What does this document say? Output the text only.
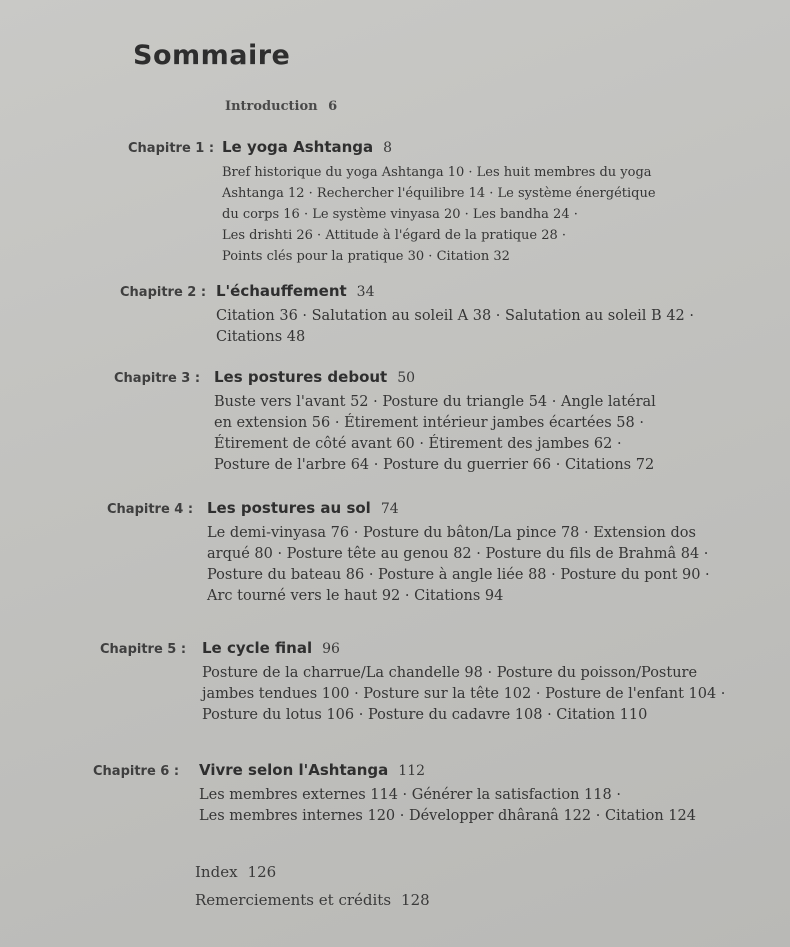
Sommaire
Introduction 6
Chapitre 1 : Le yoga Ashtanga 8
Bref historique du yoga Ashtanga 10 · Les huit membres du yoga
Ashtanga 12 · Rechercher l'équilibre 14 · Le système énergétique
du corps 16 · Le système vinyasa 20 · Les bandha 24 ·
Les drishti 26 · Attitude à l'égard de la pratique 28 ·
Points clés pour la pratique 30 · Citation 32
Chapitre 2 : L'échauffement 34
Citation 36 · Salutation au soleil A 38 · Salutation au soleil B 42 ·
Citations 48
Chapitre 3 : Les postures debout 50
Buste vers l'avant 52 · Posture du triangle 54 · Angle latéral
en extension 56 · Étirement intérieur jambes écartées 58 ·
Étirement de côté avant 60 · Étirement des jambes 62 ·
Posture de l'arbre 64 · Posture du guerrier 66 · Citations 72
Chapitre 4 : Les postures au sol 74
Le demi-vinyasa 76 · Posture du bâton/La pince 78 · Extension dos
arqué 80 · Posture tête au genou 82 · Posture du fils de Brahmâ 84 ·
Posture du bateau 86 · Posture à angle liée 88 · Posture du pont 90 ·
Arc tourné vers le haut 92 · Citations 94
Chapitre 5 : Le cycle final 96
Posture de la charrue/La chandelle 98 · Posture du poisson/Posture
jambes tendues 100 · Posture sur la tête 102 · Posture de l'enfant 104 ·
Posture du lotus 106 · Posture du cadavre 108 · Citation 110
Chapitre 6 : Vivre selon l'Ashtanga 112
Les membres externes 114 · Générer la satisfaction 118 ·
Les membres internes 120 · Développer dhâranâ 122 · Citation 124
Index 126
Remerciements et crédits 128
